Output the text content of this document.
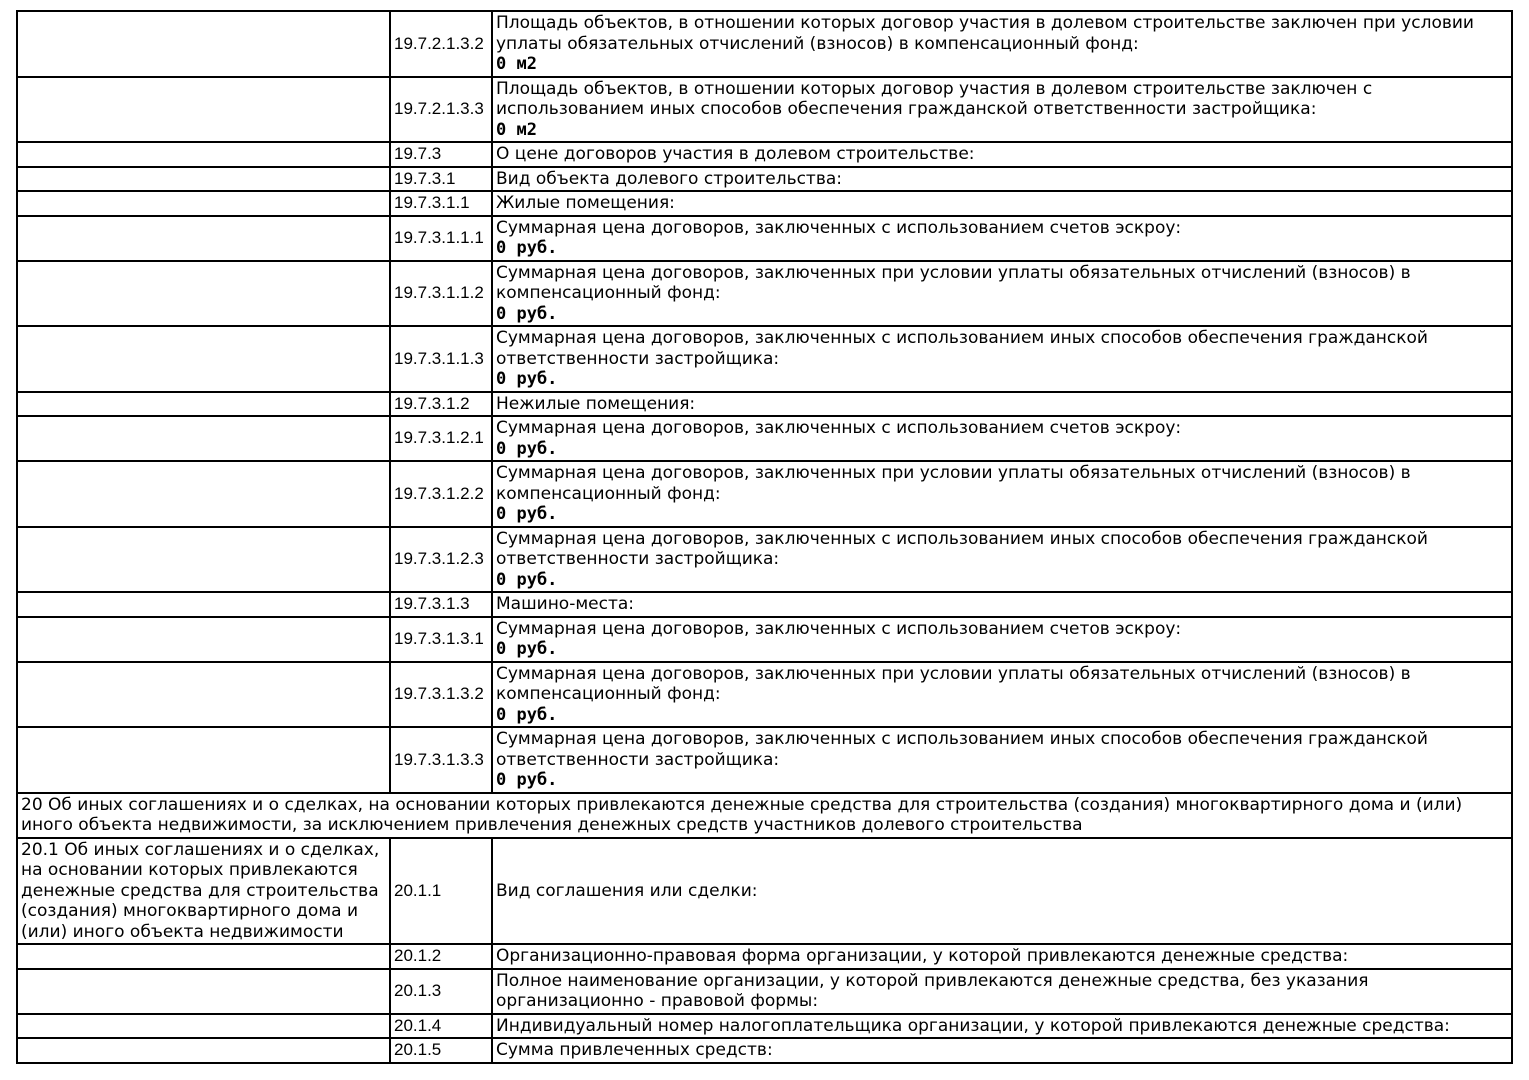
	19.7.2.1.3.2	Площадь объектов, в отношении которых договор участия в долевом строительстве заключен при условии уплаты обязательных отчислений (взносов) в компенсационный фонд:
0 м2

	19.7.2.1.3.3	Площадь объектов, в отношении которых договор участия в долевом строительстве заключен с использованием иных способов обеспечения гражданской ответственности застройщика:
0 м2

	19.7.3	О цене договоров участия в долевом строительстве:

	19.7.3.1	Вид объекта долевого строительства:

	19.7.3.1.1	Жилые помещения:

	19.7.3.1.1.1	Суммарная цена договоров, заключенных с использованием счетов эскроу:
0 руб.

	19.7.3.1.1.2	Суммарная цена договоров, заключенных при условии уплаты обязательных отчислений (взносов) в компенсационный фонд:
0 руб.

	19.7.3.1.1.3	Суммарная цена договоров, заключенных с использованием иных способов обеспечения гражданской ответственности застройщика:
0 руб.

	19.7.3.1.2	Нежилые помещения:

	19.7.3.1.2.1	Суммарная цена договоров, заключенных с использованием счетов эскроу:
0 руб.

	19.7.3.1.2.2	Суммарная цена договоров, заключенных при условии уплаты обязательных отчислений (взносов) в компенсационный фонд:
0 руб.

	19.7.3.1.2.3	Суммарная цена договоров, заключенных с использованием иных способов обеспечения гражданской ответственности застройщика:
0 руб.

	19.7.3.1.3	Машино-места:

	19.7.3.1.3.1	Суммарная цена договоров, заключенных с использованием счетов эскроу:
0 руб.

	19.7.3.1.3.2	Суммарная цена договоров, заключенных при условии уплаты обязательных отчислений (взносов) в компенсационный фонд:
0 руб.

	19.7.3.1.3.3	Суммарная цена договоров, заключенных с использованием иных способов обеспечения гражданской ответственности застройщика:
0 руб.

20 Об иных соглашениях и о сделках, на основании которых привлекаются денежные средства для строительства (создания) многоквартирного дома и (или) иного объекта недвижимости, за исключением привлечения денежных средств участников долевого строительства		
20.1 Об иных соглашениях и о сделках, на основании которых привлекаются денежные средства для строительства (создания) многоквартирного дома и (или) иного объекта недвижимости	20.1.1	Вид соглашения или сделки:

	20.1.2	Организационно-правовая форма организации, у которой привлекаются денежные средства:

	20.1.3	Полное наименование организации, у которой привлекаются денежные средства, без указания организационно - правовой формы:

	20.1.4	Индивидуальный номер налогоплательщика организации, у которой привлекаются денежные средства:

	20.1.5	Сумма привлеченных средств:
